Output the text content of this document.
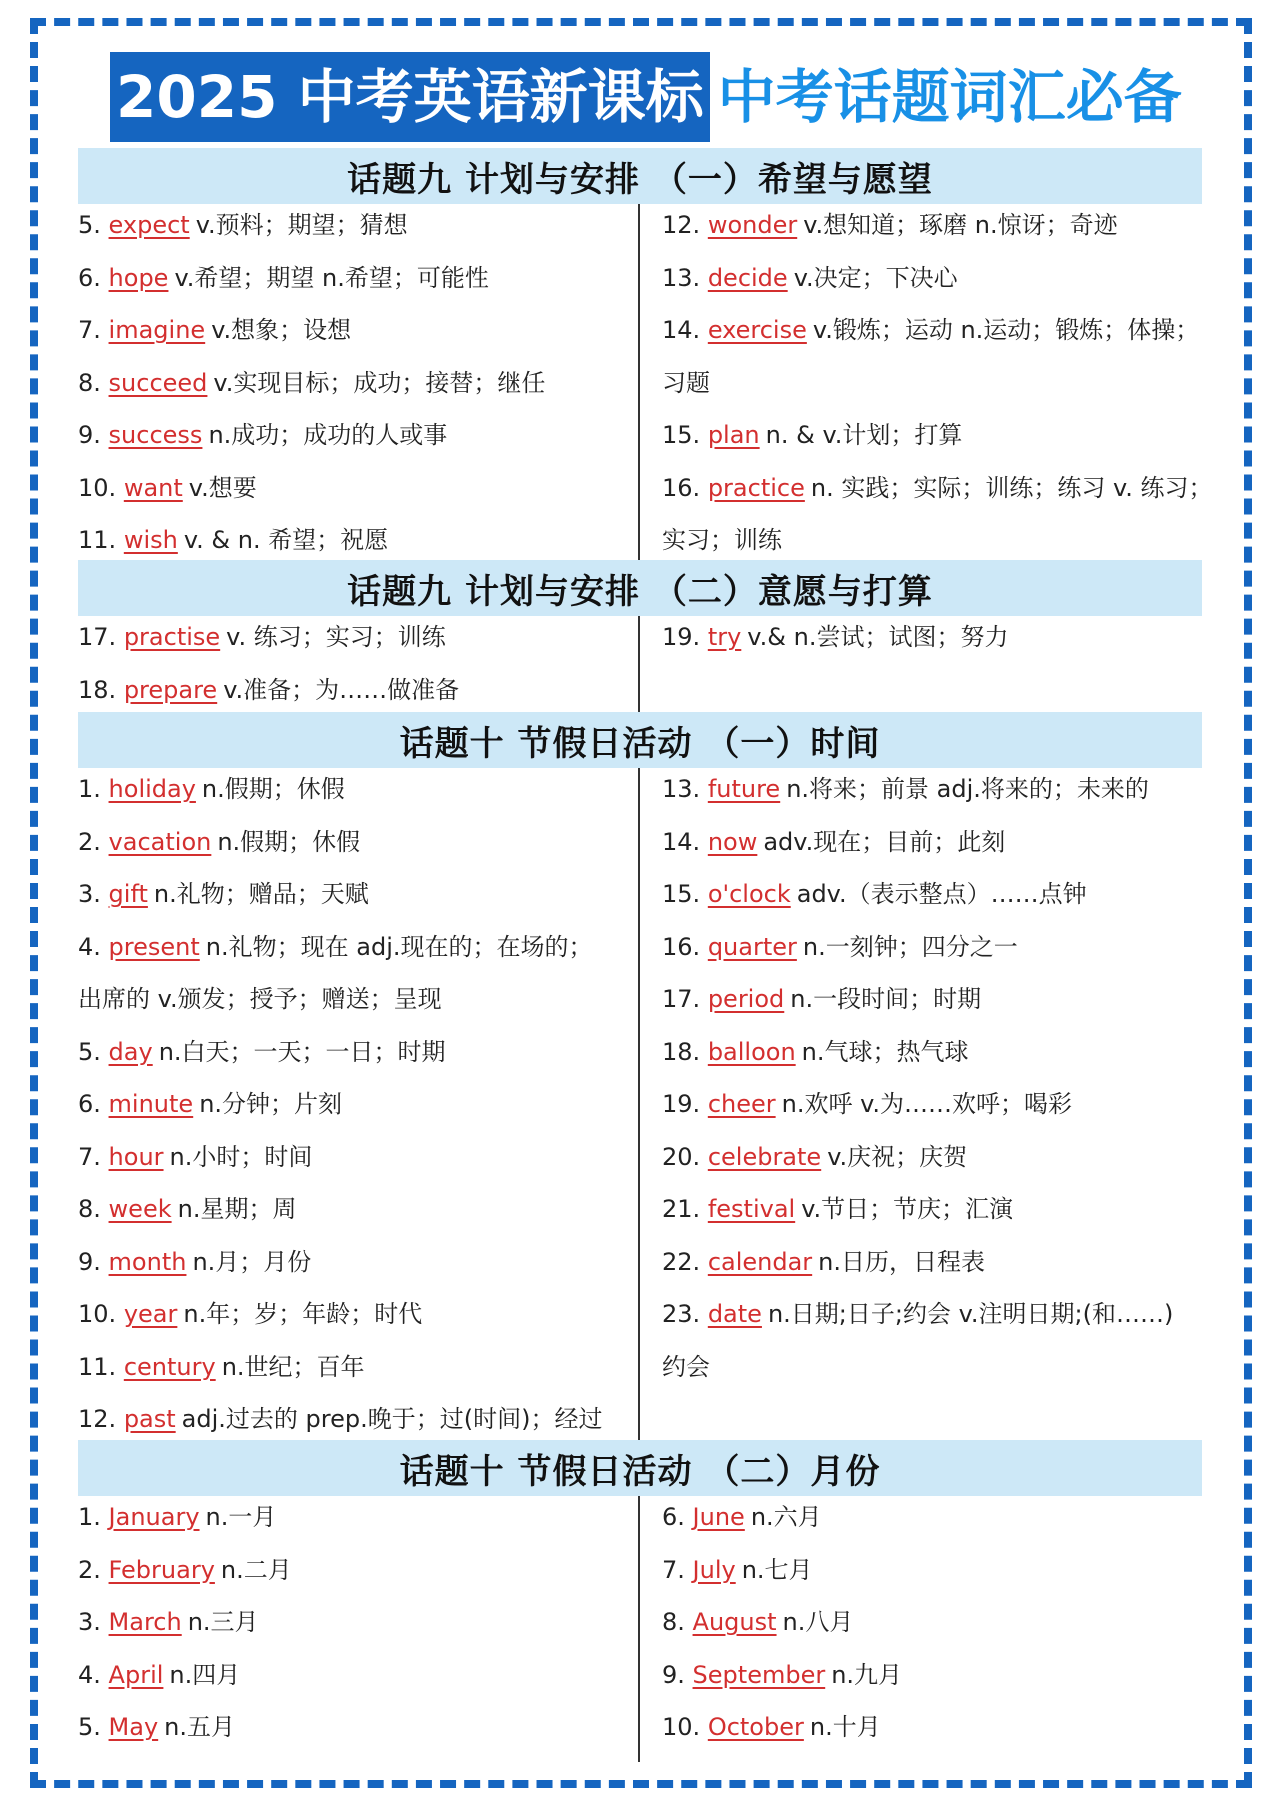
2025 中考英语新课标 中考话题词汇必备
话题九 计划与安排 （一）希望与愿望
5. expect v.预料；期望；猜想
6. hope v.希望；期望 n.希望；可能性
7. imagine v.想象；设想
8. succeed v.实现目标；成功；接替；继任
9. success n.成功；成功的人或事
10. want v.想要
11. wish v. & n. 希望；祝愿
12. wonder v.想知道；琢磨 n.惊讶；奇迹
13. decide v.决定；下决心
14. exercise v.锻炼；运动 n.运动；锻炼；体操；
习题
15. plan n. & v.计划；打算
16. practice n. 实践；实际；训练；练习 v. 练习；
实习；训练
话题九 计划与安排 （二）意愿与打算
17. practise v. 练习；实习；训练
18. prepare v.准备；为……做准备
19. try v.& n.尝试；试图；努力
话题十 节假日活动 （一）时间
1. holiday n.假期；休假
2. vacation n.假期；休假
3. gift n.礼物；赠品；天赋
4. present n.礼物；现在 adj.现在的；在场的；
出席的 v.颁发；授予；赠送；呈现
5. day n.白天；一天；一日；时期
6. minute n.分钟；片刻
7. hour n.小时；时间
8. week n.星期；周
9. month n.月；月份
10. year n.年；岁；年龄；时代
11. century n.世纪；百年
12. past adj.过去的 prep.晚于；过(时间)；经过
13. future n.将来；前景 adj.将来的；未来的
14. now adv.现在；目前；此刻
15. o'clock adv.（表示整点）……点钟
16. quarter n.一刻钟；四分之一
17. period n.一段时间；时期
18. balloon n.气球；热气球
19. cheer n.欢呼 v.为……欢呼；喝彩
20. celebrate v.庆祝；庆贺
21. festival v.节日；节庆；汇演
22. calendar n.日历，日程表
23. date n.日期;日子;约会 v.注明日期;(和……)
约会
话题十 节假日活动 （二）月份
1. January n.一月
2. February n.二月
3. March n.三月
4. April n.四月
5. May n.五月
6. June n.六月
7. July n.七月
8. August n.八月
9. September n.九月
10. October n.十月
